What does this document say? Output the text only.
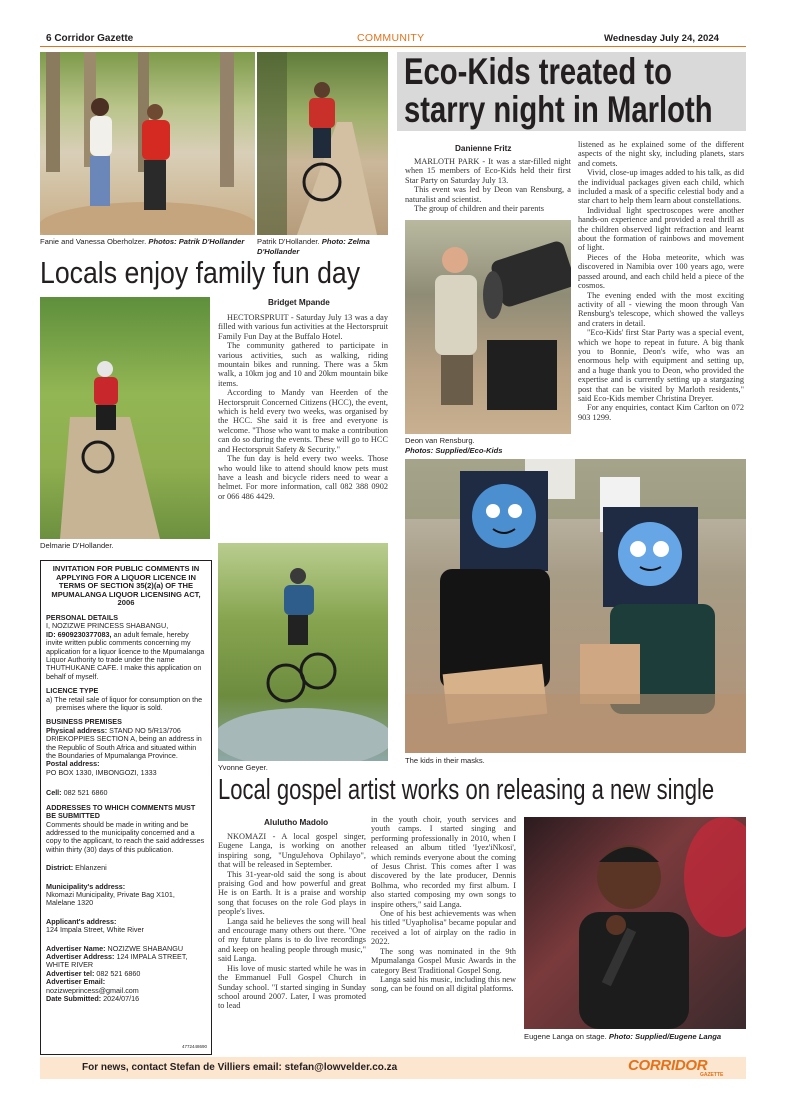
6 Corridor Gazette	COMMUNITY	Wednesday July 24, 2024
Fanie and Vanessa Oberholzer. Photos: Patrik D'Hollander	Patrik D'Hollander. Photo: Zelma D'Hollander
Locals enjoy family fun day
Delmarie D'Hollander.
Bridget Mpande

HECTORSPRUIT - Saturday July 13 was a day filled with various fun activities at the Hectorspruit Family Fun Day at the Buffalo Hotel.

The community gathered to participate in various activities, such as walking, riding mountain bikes and running. There was a 5km walk, a 10km jog and 10 and 20km mountain bike items.

According to Mandy van Heerden of the Hectorspruit Concerned Citizens (HCC), the event, which is held every two weeks, was organised by the HCC. She said it is free and everyone is welcome. "Those who want to make a contribution can do so during the events. These will go to HCC and Hectorspruit Safety & Security."

The fun day is held every two weeks. Those who would like to attend should know pets must have a leash and bicycle riders need to wear a helmet. For more information, call 082 388 0902 or 066 486 4429.

Yvonne Geyer.
Eco-Kids treated to
starry night in Marloth
Danienne Fritz

MARLOTH PARK - It was a star-filled night when 15 members of Eco-Kids held their first Star Party on Saturday July 13.

This event was led by Deon van Rensburg, a naturalist and scientist.

The group of children and their parents

listened as he explained some of the different aspects of the night sky, including planets, stars and comets.

Vivid, close-up images added to his talk, as did the individual packages given each child, which included a mask of a specific celestial body and a star chart to help them learn about constellations.

Individual light spectroscopes were another hands-on experience and provided a real thrill as the children observed light refraction and learnt about the formation of rainbows and movement of light.

Pieces of the Hoba meteorite, which was discovered in Namibia over 100 years ago, were passed around, and each child held a piece of the cosmos.

The evening ended with the most exciting activity of all - viewing the moon through Van Rensburg's telescope, which showed the valleys and craters in detail.

"Eco-Kids' first Star Party was a special event, which we hope to repeat in future. A big thank you to Bonnie, Deon's wife, who was an enormous help with equipment and setting up, and a huge thank you to Deon, who provided the expertise and is currently setting up a stargazing post that can be visited by Marloth residents," said Eco-Kids member Christina Dreyer.

For any enquiries, contact Kim Carlton on 072 903 1299.

Deon van Rensburg.
Photos: Supplied/Eco-Kids
The kids in their masks.
INVITATION FOR PUBLIC COMMENTS IN APPLYING FOR A LIQUOR LICENCE IN TERMS OF SECTION 35(2)(a) OF THE MPUMALANGA LIQUOR LICENSING ACT, 2006
PERSONAL DETAILS
I, NOZIZWE PRINCESS SHABANGU,
ID: 6909230377083, an adult female, hereby invite written public comments concerning my application for a liquor licence to the Mpumalanga Liquor Authority to trade under the name THUTHUKANE CAFE. I make this application on behalf of myself.
LICENCE TYPE
a) The retail sale of liquor for consumption on the premises where the liquor is sold.
BUSINESS PREMISES
Physical address: STAND NO 5/R13/706 DRIEKOPPIES SECTION A, being an address in the Republic of South Africa and situated within the Boundaries of Mpumalanga Province.
Postal address:
PO BOX 1330, IMBONGOZI, 1333
Cell: 082 521 6860
ADDRESSES TO WHICH COMMENTS MUST BE SUBMITTED
Comments should be made in writing and be addressed to the municipality concerned and a copy to the applicant, to reach the said addresses within thirty (30) days of this publication.
District: Ehlanzeni
Municipality's address:
Nkomazi Municipality, Private Bag X101, Malelane 1320
Applicant's address:
124 Impala Street, White River
Advertiser Name: NOZIZWE SHABANGU
Advertiser Address: 124 IMPALA STREET, WHITE RIVER
Advertiser tel: 082 521 6860
Advertiser Email:
nozizweprincess@gmail.com
Date Submitted: 2024/07/16
4772448690
Local gospel artist works on releasing a new single
Alulutho Madolo

NKOMAZI - A local gospel singer, Eugene Langa, is working on another inspiring song, "UnguJehova Ophilayo", that will be released in September.

This 31-year-old said the song is about praising God and how powerful and great He is on Earth. It is a praise and worship song that focuses on the role God plays in people's lives.

Langa said he believes the song will heal and encourage many others out there. "One of my future plans is to do live recordings and keep on healing people through music," said Langa.

His love of music started while he was in the Emmanuel Full Gospel Church in Sunday school. "I started singing in Sunday school around 2007. Later, I was promoted to lead

in the youth choir, youth services and youth camps. I started singing and performing professionally in 2010, when I released an album titled 'Iyez'iNkosi', which reminds everyone about the coming of Jesus Christ. This comes after I was discovered by the late producer, Dennis Bolhma, who recorded my first album. I also started composing my own songs to inspire others," said Langa.

One of his best achievements was when his titled "Uyapholisa" became popular and received a lot of airplay on the radio in 2022.

The song was nominated in the 9th Mpumalanga Gospel Music Awards in the category Best Traditional Gospel Song.

Langa said his music, including this new song, can be found on all digital platforms.

Eugene Langa on stage. Photo: Supplied/Eugene Langa
For news, contact Stefan de Villiers email: stefan@lowvelder.co.za	CORRIDOR
GAZETTE
